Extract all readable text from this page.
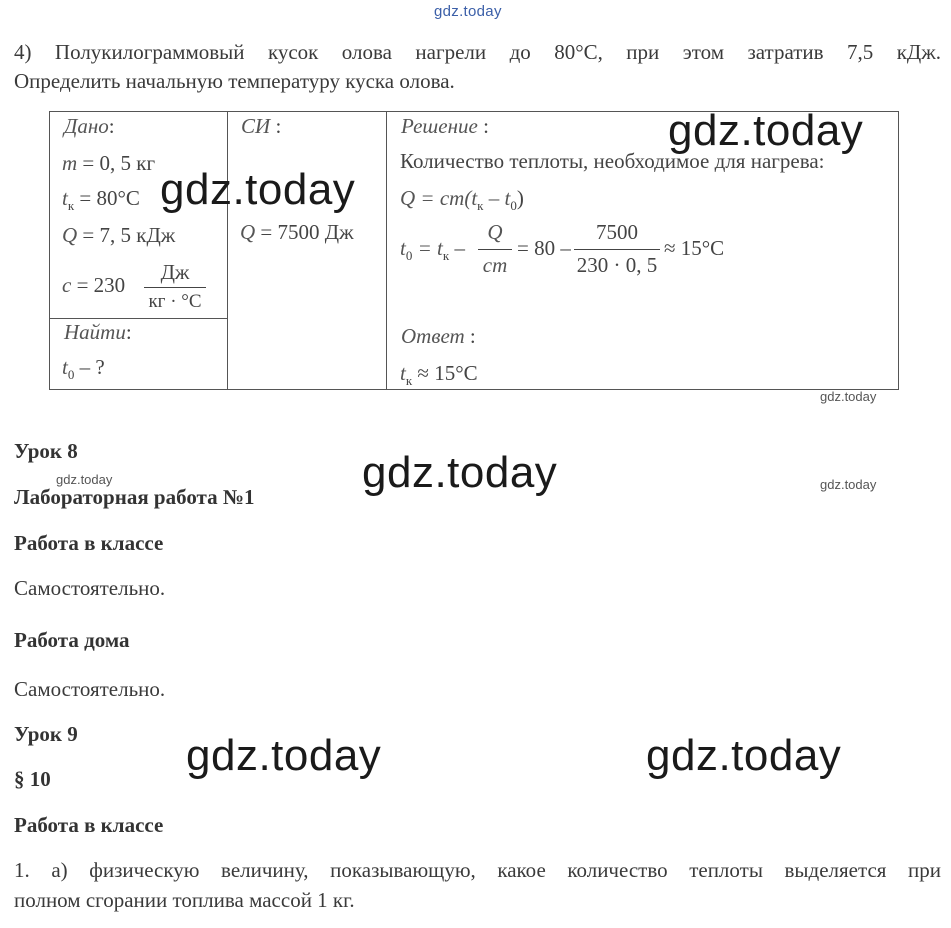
gdz.today
4) Полукилограммовый кусок олова нагрели до 80°С, при этом затратив 7,5 кДж.
Определить начальную температуру куска олова.
Дано:
m = 0, 5 кг
$t_к = 80^\circ С$
Q = 7, 5 кДж
c = 230
Дж
кг · °С
Найти:
$t_0$ – ?
СИ :
Q = 7500 Дж
Решение :
Количество теплоты, необходимое для нагрева:
$Q = cm(t_к - t_0)$
$t_0 = t_к$ –
Q
cm
= 80 –
7500
230 · 0, 5
≈ 15°С
Ответ :
$t_к \approx 15^\circ С$
gdz.today
gdz.today
gdz.today
gdz.today	gdz.today
gdz.today
gdz.today	gdz.today
Урок 8
Лабораторная работа №1
Работа в классе
Самостоятельно.
Работа дома
Самостоятельно.
Урок 9
§ 10
Работа в классе
1. а) физическую величину, показывающую, какое количество теплоты выделяется при
полном сгорании топлива массой 1 кг.
